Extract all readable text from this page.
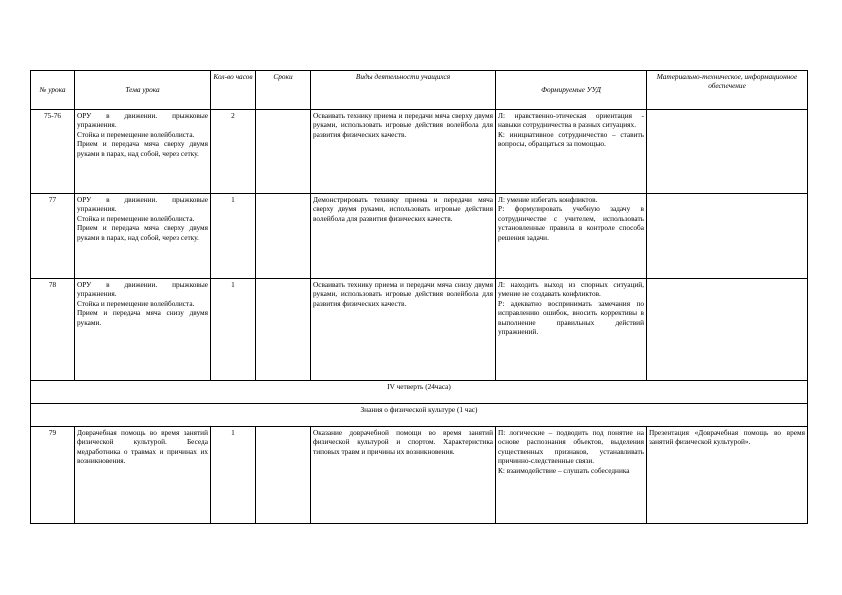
№ урока	Тема урока	Кол-во часов	Сроки	Виды деятельности учащихся	Формируемые УУД	Материально-техническое, информационное обеспечение
75-76	ОРУ в движении. прыжковые упражнения.
Стойка и перемещение волейболиста.
Прием и передача мяча сверху двумя руками в парах, над собой, через сетку.	2		Осваивать технику приема и передачи мяча сверху двумя руками, использовать игровые действия волейбола для развития физических качеств.	Л: нравственно-этическая ориентация - навыки сотрудничества в разных ситуациях.
К: инициативное сотрудничество – ставить вопросы, обращаться за помощью.	

77	ОРУ в движении. прыжковые упражнения.
Стойка и перемещение волейболиста.
Прием и передача мяча сверху двумя руками в парах, над собой, через сетку.	1		Демонстрировать технику приема и передачи мяча сверху двумя руками, использовать игровые действия волейбола для развития физических качеств.	Л: умение избегать конфликтов.
Р: формулировать учебную задачу в сотрудничестве с учителем, использовать установленные правила в контроле способа решения задачи.	

78	ОРУ в движении. прыжковые упражнения.
Стойка и перемещение волейболиста.
Прием и передача мяча снизу двумя руками.	1		Осваивать технику приема и передачи мяча снизу двумя руками, использовать игровые действия волейбола для развития физических качеств.	Л: находить выход из спорных ситуаций, умение не создавать конфликтов.
Р: адекватно воспринимать замечания по исправлению ошибок, вносить коррективы в выполнение правильных действий упражнений.	

IV четверть (24часа)						
Знания о физической культуре (1 час)						
79	Доврачебная помощь во время занятий физической культурой. Беседа медработника о травмах и причинах их возникновения.	1		Оказание доврачебной помощи во время занятий физической культурой и спортом. Характеристика типовых травм и причины их возникновения.	П: логические – подводить под понятие на основе распознания объектов, выделения существенных признаков, устанавливать причинно-следственные связи.
К: взаимодействие – слушать собеседника	Презентация «Доврачебная помощь во время занятий физической культурой».
